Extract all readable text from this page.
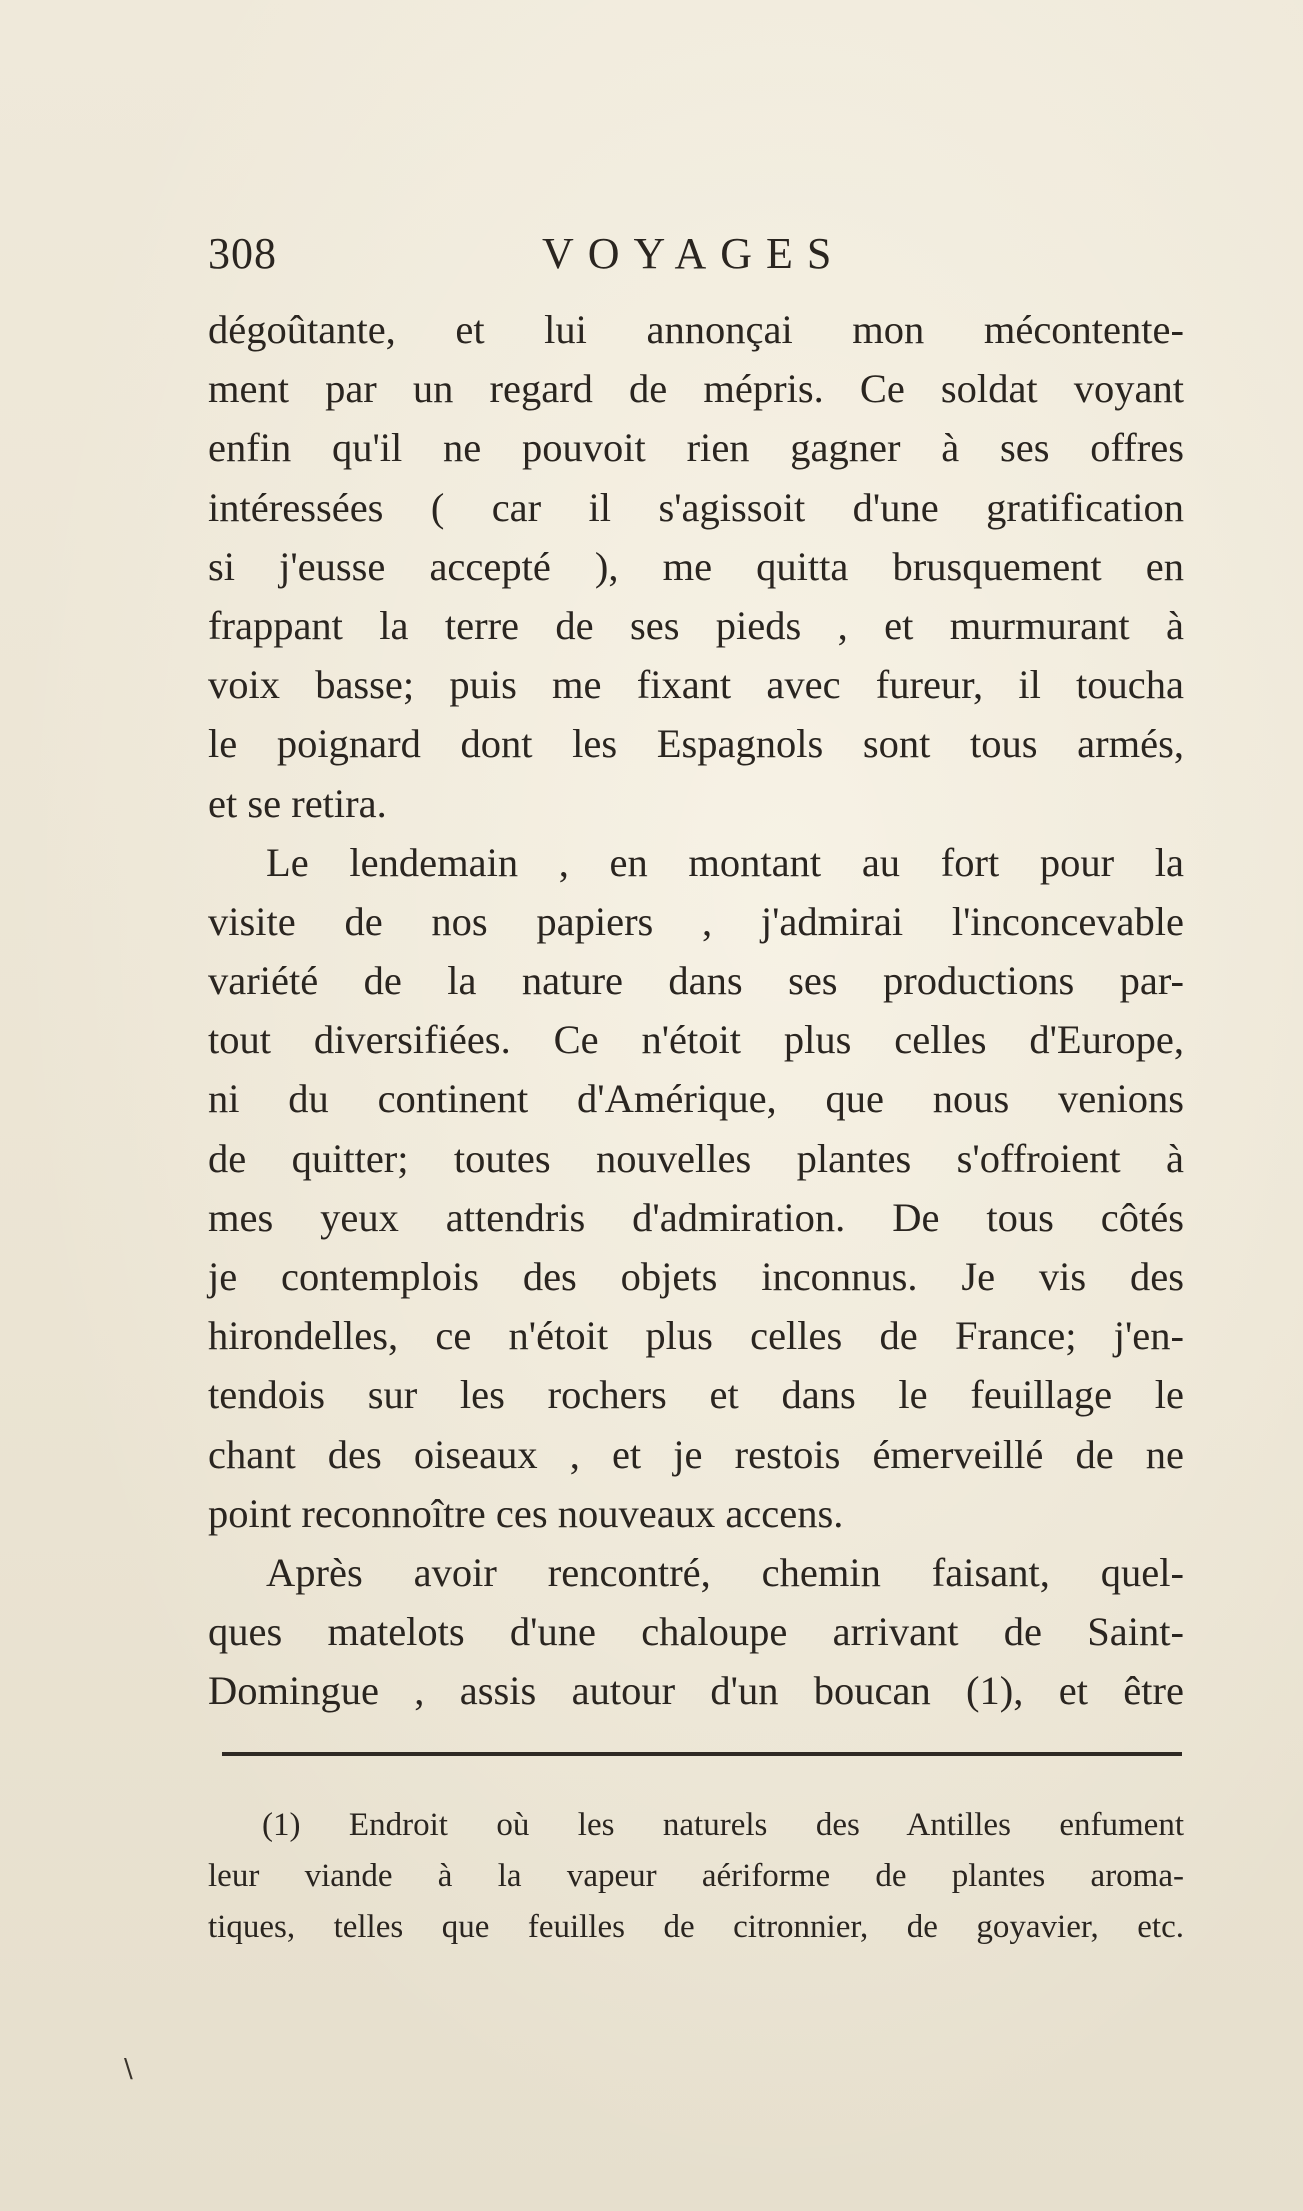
308	VOYAGES
dégoûtante, et lui annonçai mon mécontente-
ment par un regard de mépris. Ce soldat voyant
enfin qu'il ne pouvoit rien gagner à ses offres
intéressées ( car il s'agissoit d'une gratification
si j'eusse accepté ), me quitta brusquement en
frappant la terre de ses pieds , et murmurant à
voix basse; puis me fixant avec fureur, il toucha
le poignard dont les Espagnols sont tous armés,
et se retira.
Le lendemain , en montant au fort pour la
visite de nos papiers , j'admirai l'inconcevable
variété de la nature dans ses productions par-
tout diversifiées. Ce n'étoit plus celles d'Europe,
ni du continent d'Amérique, que nous venions
de quitter; toutes nouvelles plantes s'offroient à
mes yeux attendris d'admiration. De tous côtés
je contemplois des objets inconnus. Je vis des
hirondelles, ce n'étoit plus celles de France; j'en-
tendois sur les rochers et dans le feuillage le
chant des oiseaux , et je restois émerveillé de ne
point reconnoître ces nouveaux accens.
Après avoir rencontré, chemin faisant, quel-
ques matelots d'une chaloupe arrivant de Saint-
Domingue , assis autour d'un boucan (1), et être
(1) Endroit où les naturels des Antilles enfument
leur viande à la vapeur aériforme de plantes aroma-
tiques, telles que feuilles de citronnier, de goyavier, etc.
\
